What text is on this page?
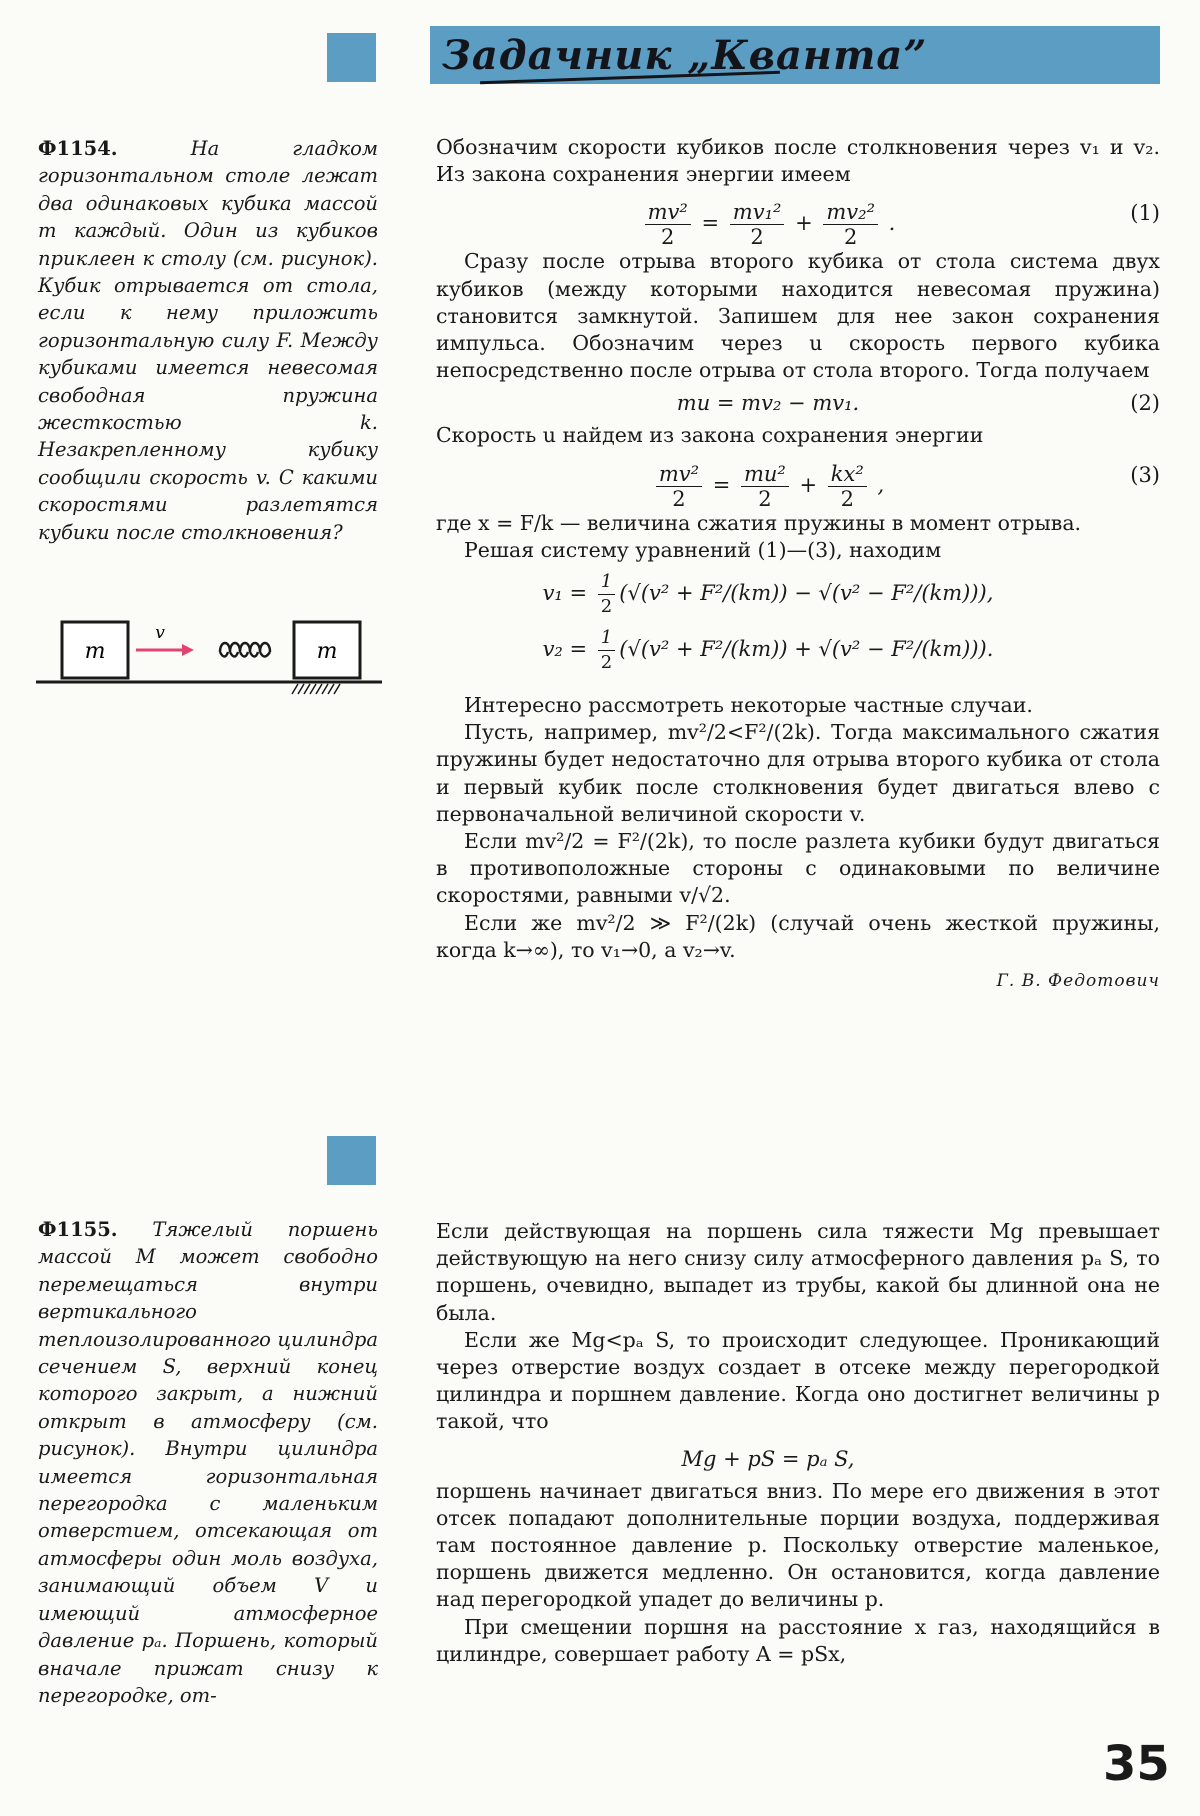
Задачник „Кванта”

Ф1154.	На гладком горизонтальном столе лежат два одинаковых кубика массой m каждый. Один из кубиков приклеен к столу (см. рисунок). Кубик отрывается от стола, если к нему приложить горизонтальную силу F. Между кубиками имеется невесомая свободная пружина жесткостью k. Незакрепленному кубику сообщили скорость v. С какими скоростями разлетятся кубики после столкновения?

m
v
m

Обозначим скорости кубиков после столкновения через v₁ и v₂. Из закона сохранения энергии имеем

$\frac{\text{mv²}}{2} = \frac{\text{mv₁²}}{2} + \frac{\text{mv₂²}}{2}$ .	(1)

Сразу после отрыва второго кубика от стола система двух кубиков (между которыми находится невесомая пружина) становится замкнутой. Запишем для нее закон сохранения импульса. Обозначим через u скорость первого кубика непосредственно после отрыва от стола второго. Тогда получаем

mu = mv₂ − mv₁.	(2)

Скорость u найдем из закона сохранения энергии

$\frac{\text{mv²}}{2} = \frac{\text{mu²}}{2} + \frac{\text{kx²}}{2}$ ,	(3)

где x = F/k — величина сжатия пружины в момент отрыва.

Решая систему уравнений (1)—(3), находим

$v_1 = \frac{1}{2} (√(v^2 + F^2/(km)) - √(v^2 - F^2/(km)))$,
$v_2 = \frac{1}{2} (√(v^2 + F^2/(km)) + √(v^2 - F^2/(km)))$.

Интересно рассмотреть некоторые частные случаи.

Пусть, например, mv²/2<F²/(2k). Тогда максимального сжатия пружины будет недостаточно для отрыва второго кубика от стола и первый кубик после столкновения будет двигаться влево с первоначальной величиной скорости v.

Если mv²/2 = F²/(2k), то после разлета кубики будут двигаться в противоположные стороны с одинаковыми по величине скоростями, равными v/√2.

Если же mv²/2 ≫ F²/(2k) (случай очень жесткой пружины, когда k→∞), то v₁→0, а v₂→v.

Г. В. Федотович

Ф1155. Тяжелый поршень массой M может свободно перемещаться внутри вертикального теплоизолированного цилиндра сечением S, верхний конец которого закрыт, а нижний открыт в атмосферу (см. рисунок). Внутри цилиндра имеется горизонтальная перегородка с маленьким отверстием, отсекающая от атмосферы один моль воздуха, занимающий объем V и имеющий атмосферное давление pₐ. Поршень, который вначале прижат снизу к перегородке, от-

Если действующая на поршень сила тяжести Mg превышает действующую на него снизу силу атмосферного давления pₐ S, то поршень, очевидно, выпадет из трубы, какой бы длинной она не была.

Если же Mg<pₐ S, то происходит следующее. Проникающий через отверстие воздух создает в отсеке между перегородкой цилиндра и поршнем давление. Когда оно достигнет величины p такой, что

Mg + pS = pₐ S,

поршень начинает двигаться вниз. По мере его движения в этот отсек попадают дополнительные порции воздуха, поддерживая там постоянное давление p. Поскольку отверстие маленькое, поршень движется медленно. Он остановится, когда давление над перегородкой упадет до величины p.

При смещении поршня на расстояние x газ, находящийся в цилиндре, совершает работу A = pSx,

35
